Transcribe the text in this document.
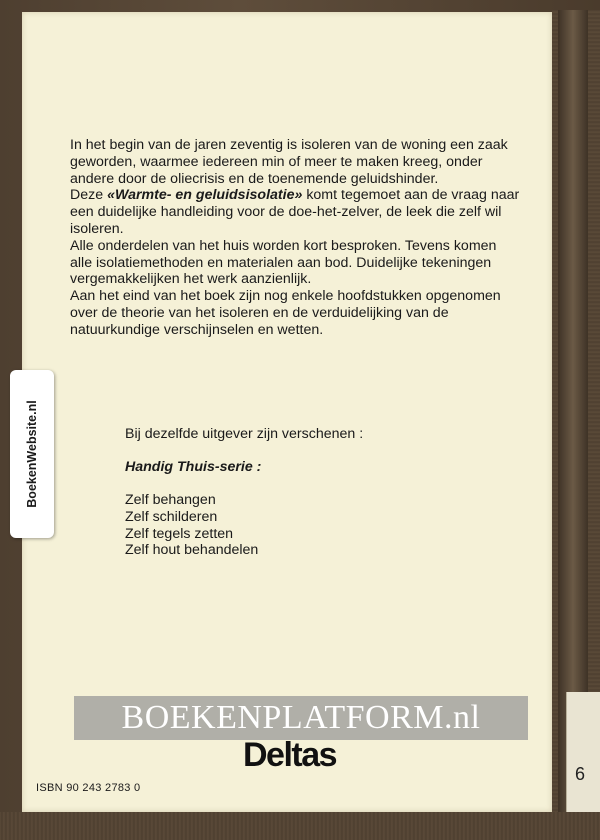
6

In het begin van de jaren zeventig is isoleren van de woning een zaak geworden, waarmee iedereen min of meer te maken kreeg, onder andere door de oliecrisis en de toenemende geluidshinder.

Deze «Warmte- en geluidsisolatie» komt tegemoet aan de vraag naar een duidelijke handleiding voor de doe-het-zelver, de leek die zelf wil isoleren.

Alle onderdelen van het huis worden kort besproken. Tevens komen alle isolatiemethoden en materialen aan bod. Duidelijke tekeningen vergemakkelijken het werk aanzienlijk.

Aan het eind van het boek zijn nog enkele hoofdstukken opgenomen over de theorie van het isoleren en de verduidelijking van de natuurkundige verschijnselen en wetten.

Bij dezelfde uitgever zijn verschenen :
Handig Thuis-serie :
Zelf behangen
Zelf schilderen
Zelf tegels zetten
Zelf hout behandelen
BoekenWebsite.nl
BOEKENPLATFORM.nl
Deltas
ISBN 90 243 2783 0
